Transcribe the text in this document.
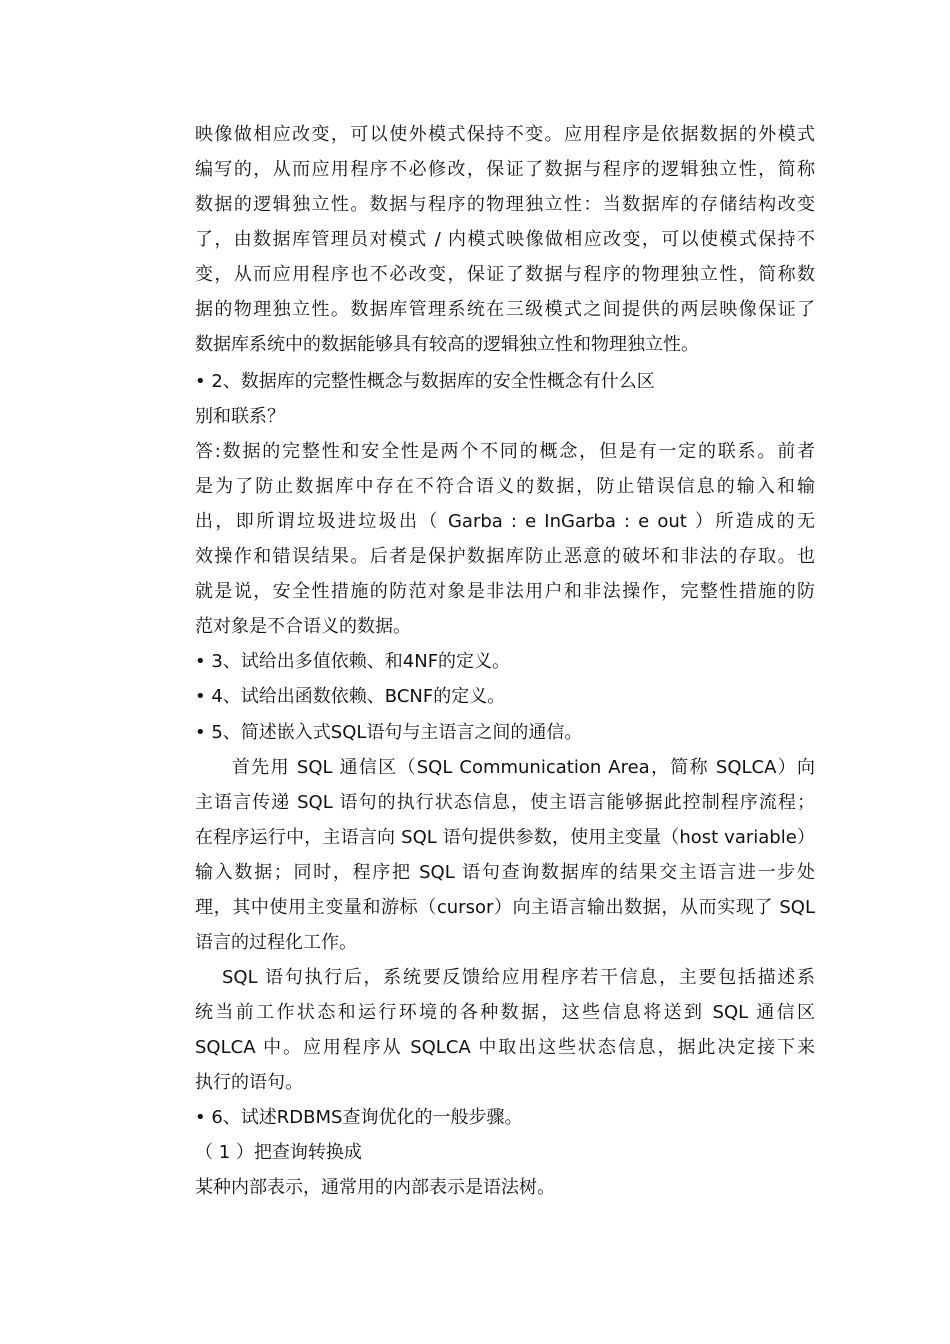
映像做相应改变，可以使外模式保持不变。应用程序是依据数据的外模式
编写的，从而应用程序不必修改，保证了数据与程序的逻辑独立性，简称
数据的逻辑独立性。数据与程序的物理独立性：当数据库的存储结构改变
了，由数据库管理员对模式 / 内模式映像做相应改变，可以使模式保持不
变，从而应用程序也不必改变，保证了数据与程序的物理独立性，简称数
据的物理独立性。数据库管理系统在三级模式之间提供的两层映像保证了
数据库系统中的数据能够具有较高的逻辑独立性和物理独立性。
• 2、数据库的完整性概念与数据库的安全性概念有什么区
别和联系？
答:数据的完整性和安全性是两个不同的概念，但是有一定的联系。前者
是为了防止数据库中存在不符合语义的数据，防止错误信息的输入和输
出，即所谓垃圾进垃圾出（ Garba : e InGarba : e out ）所造成的无
效操作和错误结果。后者是保护数据库防止恶意的破坏和非法的存取。也
就是说，安全性措施的防范对象是非法用户和非法操作，完整性措施的防
范对象是不合语义的数据。
• 3、试给出多值依赖、和4NF的定义。
• 4、试给出函数依赖、BCNF的定义。
• 5、简述嵌入式SQL语句与主语言之间的通信。
首先用 SQL 通信区（SQL Communication Area，简称 SQLCA）向
主语言传递 SQL 语句的执行状态信息，使主语言能够据此控制程序流程；
在程序运行中，主语言向 SQL 语句提供参数，使用主变量（host variable）
输入数据；同时，程序把 SQL 语句查询数据库的结果交主语言进一步处
理，其中使用主变量和游标（cursor）向主语言输出数据，从而实现了 SQL
语言的过程化工作。
SQL 语句执行后，系统要反馈给应用程序若干信息，主要包括描述系
统当前工作状态和运行环境的各种数据，这些信息将送到 SQL 通信区
SQLCA 中。应用程序从 SQLCA 中取出这些状态信息，据此决定接下来
执行的语句。
• 6、试述RDBMS查询优化的一般步骤。
（ 1 ）把查询转换成
某种内部表示，通常用的内部表示是语法树。
